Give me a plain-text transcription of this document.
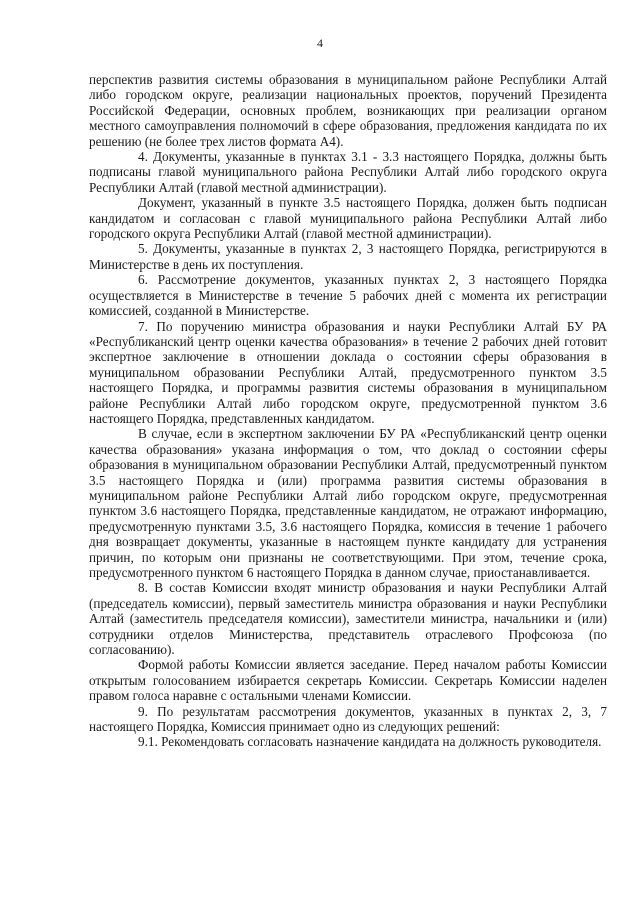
4

перспектив развития системы образования в муниципальном районе Республики Алтай либо городском округе, реализации национальных проектов, поручений Президента Российской Федерации, основных проблем, возникающих при реализации органом местного самоуправления полномочий в сфере образования, предложения кандидата по их решению (не более трех листов формата А4).

4. Документы, указанные в пунктах 3.1 - 3.3 настоящего Порядка, должны быть подписаны главой муниципального района Республики Алтай либо городского округа Республики Алтай (главой местной администрации).

Документ, указанный в пункте 3.5 настоящего Порядка, должен быть подписан кандидатом и согласован с главой муниципального района Республики Алтай либо городского округа Республики Алтай (главой местной администрации).

5. Документы, указанные в пунктах 2, 3 настоящего Порядка, регистрируются в Министерстве в день их поступления.

6. Рассмотрение документов, указанных пунктах 2, 3 настоящего Порядка осуществляется в Министерстве в течение 5 рабочих дней с момента их регистрации комиссией, созданной в Министерстве.

7. По поручению министра образования и науки Республики Алтай БУ РА «Республиканский центр оценки качества образования» в течение 2 рабочих дней готовит экспертное заключение в отношении доклада о состоянии сферы образования в муниципальном образовании Республики Алтай, предусмотренного пунктом 3.5 настоящего Порядка, и программы развития системы образования в муниципальном районе Республики Алтай либо городском округе, предусмотренной пунктом 3.6 настоящего Порядка, представленных кандидатом.

В случае, если в экспертном заключении БУ РА «Республиканский центр оценки качества образования» указана информация о том, что доклад о состоянии сферы образования в муниципальном образовании Республики Алтай, предусмотренный пунктом 3.5 настоящего Порядка и (или) программа развития системы образования в муниципальном районе Республики Алтай либо городском округе, предусмотренная пунктом 3.6 настоящего Порядка, представленные кандидатом, не отражают информацию, предусмотренную пунктами 3.5, 3.6 настоящего Порядка, комиссия в течение 1 рабочего дня возвращает документы, указанные в настоящем пункте кандидату для устранения причин, по которым они признаны не соответствующими. При этом, течение срока, предусмотренного пунктом 6 настоящего Порядка в данном случае, приостанавливается.

8. В состав Комиссии входят министр образования и науки Республики Алтай (председатель комиссии), первый заместитель министра образования и науки Республики Алтай (заместитель председателя комиссии), заместители министра, начальники и (или) сотрудники отделов Министерства, представитель отраслевого Профсоюза (по согласованию).

Формой работы Комиссии является заседание. Перед началом работы Комиссии открытым голосованием избирается секретарь Комиссии. Секретарь Комиссии наделен правом голоса наравне с остальными членами Комиссии.

9. По результатам рассмотрения документов, указанных в пунктах 2, 3, 7 настоящего Порядка, Комиссия принимает одно из следующих решений:

9.1. Рекомендовать согласовать назначение кандидата на должность руководителя.
